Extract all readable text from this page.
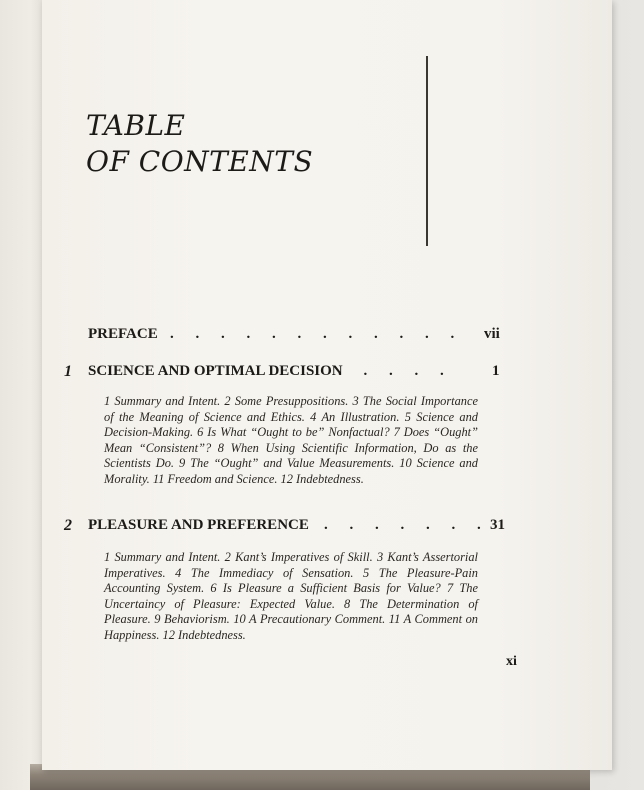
TABLE
OF CONTENTS
PREFACE . . . . . . . . . . . . vii
1 SCIENCE AND OPTIMAL DECISION
. . . . .	1
1 Summary and Intent. 2 Some Presuppositions. 3 The Social Importance of the Meaning of Science and Ethics. 4 An Illustration. 5 Science and Decision-Making. 6 Is What “Ought to be” Nonfactual? 7 Does “Ought” Mean “Consistent”? 8 When Using Scientific Information, Do as the Scientists Do. 9 The “Ought” and Value Measurements. 10 Science and Morality. 11 Freedom and Science. 12 Indebtedness.
2 PLEASURE AND PREFERENCE . . . . . . . 31
1 Summary and Intent. 2 Kant’s Imperatives of Skill. 3 Kant’s Assertorial Imperatives. 4 The Immediacy of Sensation. 5 The Pleasure-Pain Accounting System. 6 Is Pleasure a Sufficient Basis for Value? 7 The Uncertaincy of Pleasure: Expected Value. 8 The Determination of Pleasure. 9 Behaviorism. 10 A Precautionary Comment. 11 A Comment on Happiness. 12 Indebtedness.
xi
